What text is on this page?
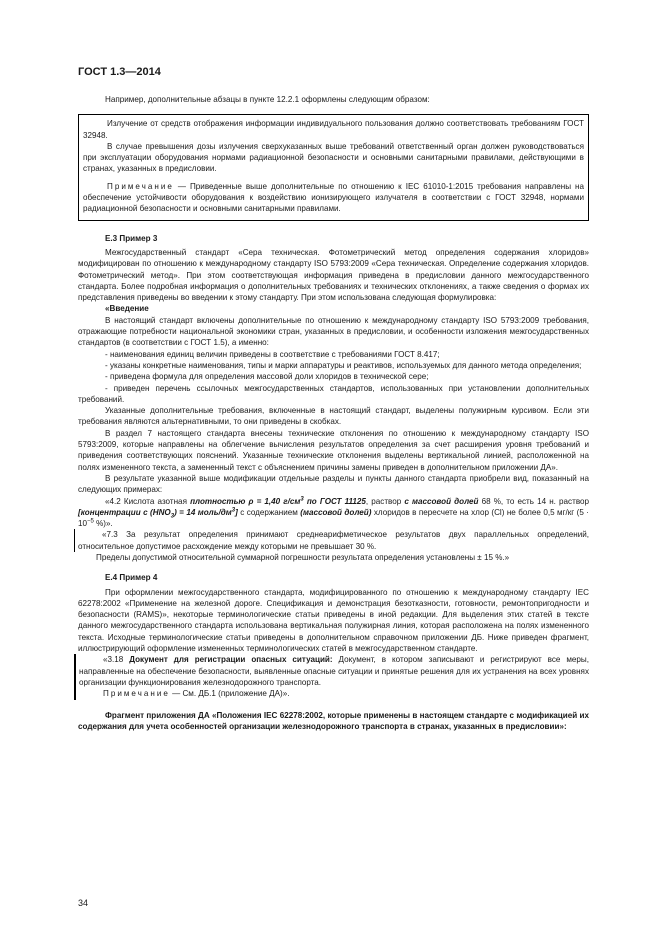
ГОСТ 1.3—2014

Например, дополнительные абзацы в пункте 12.2.1 оформлены следующим образом:

Излучение от средств отображения информации индивидуального пользования должно соответствовать требованиям ГОСТ 32948.

В случае превышения дозы излучения сверхуказанных выше требований ответственный орган должен руководствоваться при эксплуатации оборудования нормами радиационной безопасности и основными санитарными правилами, действующими в странах, указанных в предисловии.

Примечание — Приведенные выше дополнительные по отношению к IEC 61010-1:2015 требования направлены на обеспечение устойчивости оборудования к воздействию ионизирующего излучателя в соответствии с ГОСТ 32948, нормами радиационной безопасности и основными санитарными правилами.

Е.3 Пример 3

Межгосударственный стандарт «Сера техническая. Фотометрический метод определения содержания хлоридов» модифицирован по отношению к международному стандарту ISO 5793:2009 «Сера техническая. Определение содержания хлоридов. Фотометрический метод». При этом соответствующая информация приведена в предисловии данного межгосударственного стандарта. Более подробная информация о дополнительных требованиях и технических отклонениях, а также сведения о формах их представления приведены во введении к этому стандарту. При этом использована следующая формулировка:

«Введение

В настоящий стандарт включены дополнительные по отношению к международному стандарту ISO 5793:2009 требования, отражающие потребности национальной экономики стран, указанных в предисловии, и особенности изложения межгосударственных стандартов (в соответствии с ГОСТ 1.5), а именно:

- наименования единиц величин приведены в соответствие с требованиями ГОСТ 8.417;

- указаны конкретные наименования, типы и марки аппаратуры и реактивов, используемых для данного метода определения;

- приведена формула для определения массовой доли хлоридов в технической сере;

- приведен перечень ссылочных межгосударственных стандартов, использованных при установлении дополнительных требований.

Указанные дополнительные требования, включенные в настоящий стандарт, выделены полужирным курсивом. Если эти требования являются альтернативными, то они приведены в скобках.

В раздел 7 настоящего стандарта внесены технические отклонения по отношению к международному стандарту ISO 5793:2009, которые направлены на облегчение вычисления результатов определения за счет расширения уровня требований и приведения соответствующих пояснений. Указанные технические отклонения выделены вертикальной линией, расположенной на полях измененного текста, а замененный текст с объяснением причины замены приведен в дополнительном приложении ДА».

В результате указанной выше модификации отдельные разделы и пункты данного стандарта приобрели вид, показанный на следующих примерах:

«4.2 Кислота азотная плотностью ρ = 1,40 $г/см^3$ по ГОСТ 11125, раствор с массовой долей 68 %, то есть 14 н. раствор [концентрации с $(HNO_3) = 14$ моль/$дм^3$] с содержанием (массовой долей) хлоридов в пересчете на хлор (Cl) не более 0,5 мг/кг ($5 \cdot 10^{-5}$ %)».

«7.3 За результат определения принимают среднеарифметическое результатов двух параллельных определений, относительное допустимое расхождение между которыми не превышает 30 %.

Пределы допустимой относительной суммарной погрешности результата определения установлены ± 15 %.»

Е.4 Пример 4

При оформлении межгосударственного стандарта, модифицированного по отношению к международному стандарту IEC 62278:2002 «Применение на железной дороге. Спецификация и демонстрация безотказности, готовности, ремонтопригодности и безопасности (RAMS)», некоторые терминологические статьи приведены в иной редакции. Для выделения этих статей в тексте данного межгосударственного стандарта использована вертикальная полужирная линия, которая расположена на полях измененного текста. Исходные терминологические статьи приведены в дополнительном справочном приложении ДБ. Ниже приведен фрагмент, иллюстрирующий оформление измененных терминологических статей в межгосударственном стандарте.

«3.18 Документ для регистрации опасных ситуаций: Документ, в котором записывают и регистрируют все меры, направленные на обеспечение безопасности, выявленные опасные ситуации и принятые решения для их устранения на всех уровнях организации функционирования железнодорожного транспорта.

Примечание — См. ДБ.1 (приложение ДА)».

Фрагмент приложения ДА «Положения IEC 62278:2002, которые применены в настоящем стандарте с модификацией их содержания для учета особенностей организации железнодорожного транспорта в странах, указанных в предисловии»:

34
